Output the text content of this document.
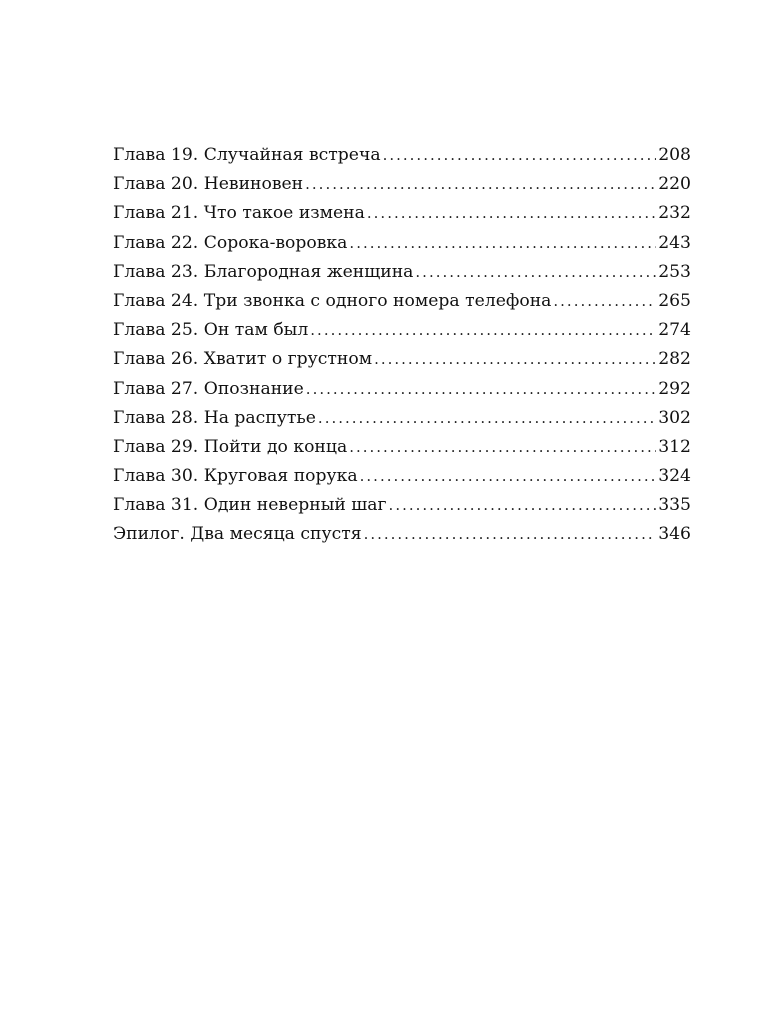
Глава 19. Случайная встреча .....	208
Глава 20. Невиновен .....	220
Глава 21. Что такое измена .....	232
Глава 22. Сорока-воровка .....	243
Глава 23. Благородная женщина .....	253
Глава 24. Три звонка с одного номера телефона .....	265
Глава 25. Он там был .....	274
Глава 26. Хватит о грустном .....	282
Глава 27. Опознание .....	292
Глава 28. На распутье .....	302
Глава 29. Пойти до конца .....	312
Глава 30. Круговая порука .....	324
Глава 31. Один неверный шаг .....	335
Эпилог. Два месяца спустя .....	346
